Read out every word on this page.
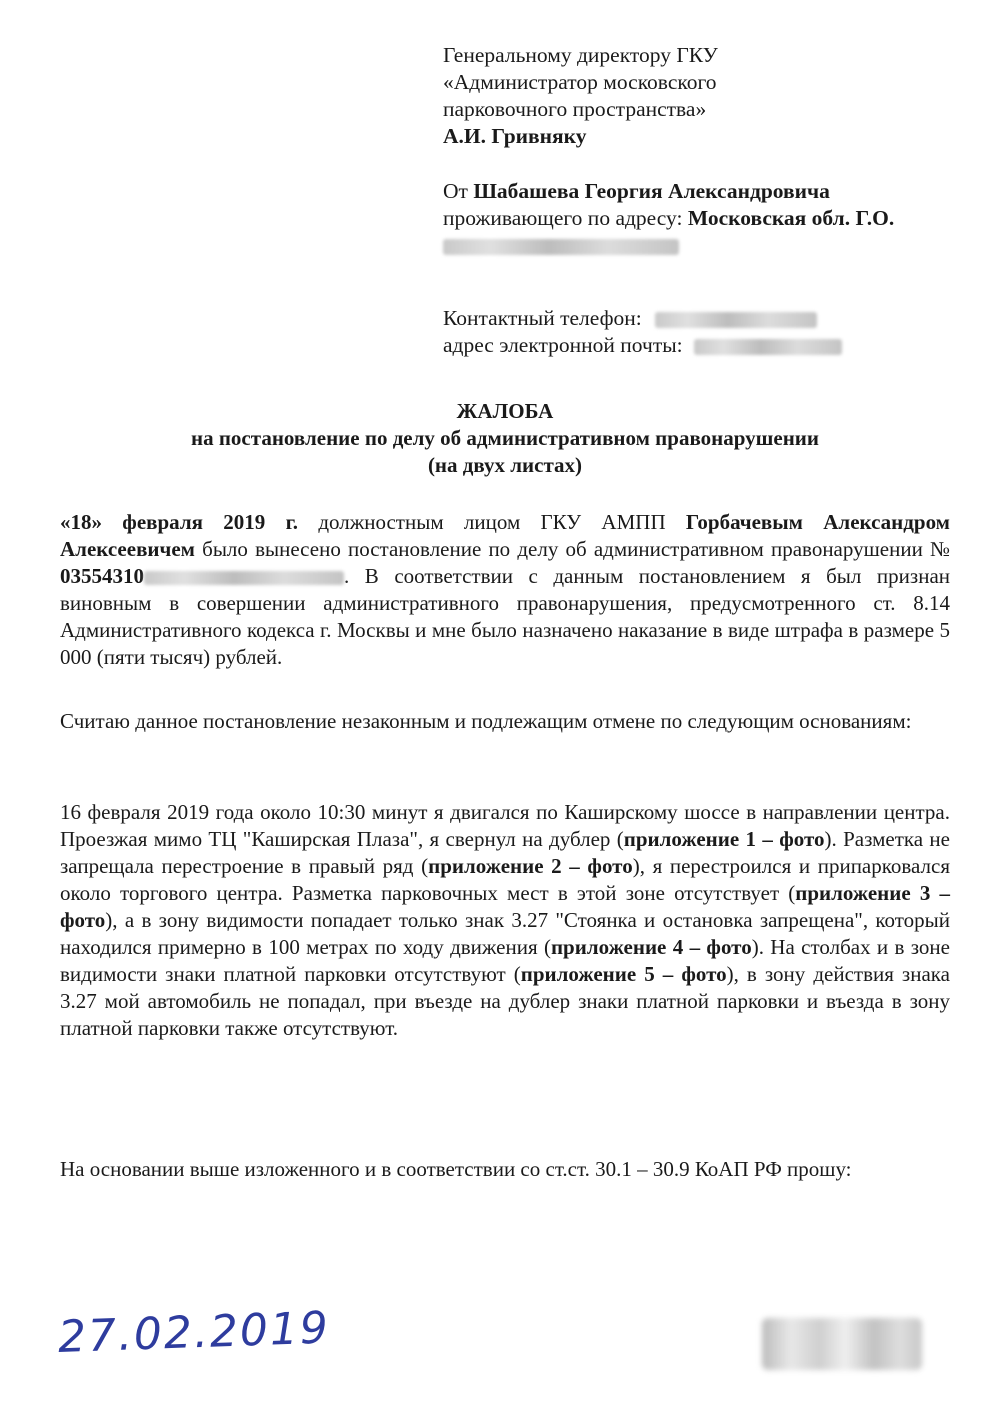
Генеральному директору ГКУ
«Администратор московского
парковочного пространства»
А.И. Гривняку
От Шабашева Георгия Александровича
проживающего по адресу: Московская обл. Г.О.
Контактный телефон:
адрес электронной почты:
ЖАЛОБА
на постановление по делу об административном правонарушении
(на двух листах)

«18» февраля 2019 г. должностным лицом ГКУ АМПП Горбачевым Александром Алексеевичем было вынесено постановление по делу об административном правонарушении № 03554310	. В соответствии с данным постановлением я был признан виновным в совершении административного правонарушения, предусмотренного ст. 8.14 Административного кодекса г. Москвы и мне было назначено наказание в виде штрафа в размере 5 000 (пяти тысяч) рублей.

Считаю данное постановление незаконным и подлежащим отмене по следующим основаниям:

16 февраля 2019 года около 10:30 минут я двигался по Каширскому шоссе в направлении центра. Проезжая мимо ТЦ "Каширская Плаза", я свернул на дублер (приложение 1 – фото). Разметка не запрещала перестроение в правый ряд (приложение 2 – фото), я перестроился и припарковался около торгового центра. Разметка парковочных мест в этой зоне отсутствует (приложение 3 – фото), а в зону видимости попадает только знак 3.27 "Стоянка и остановка запрещена", который находился примерно в 100 метрах по ходу движения (приложение 4 – фото). На столбах и в зоне видимости знаки платной парковки отсутствуют (приложение 5 – фото), в зону действия знака 3.27 мой автомобиль не попадал, при въезде на дублер знаки платной парковки и въезда в зону платной парковки также отсутствуют.

На основании выше изложенного и в соответствии со ст.ст. 30.1 – 30.9 КоАП РФ прошу:

27.02.2019
